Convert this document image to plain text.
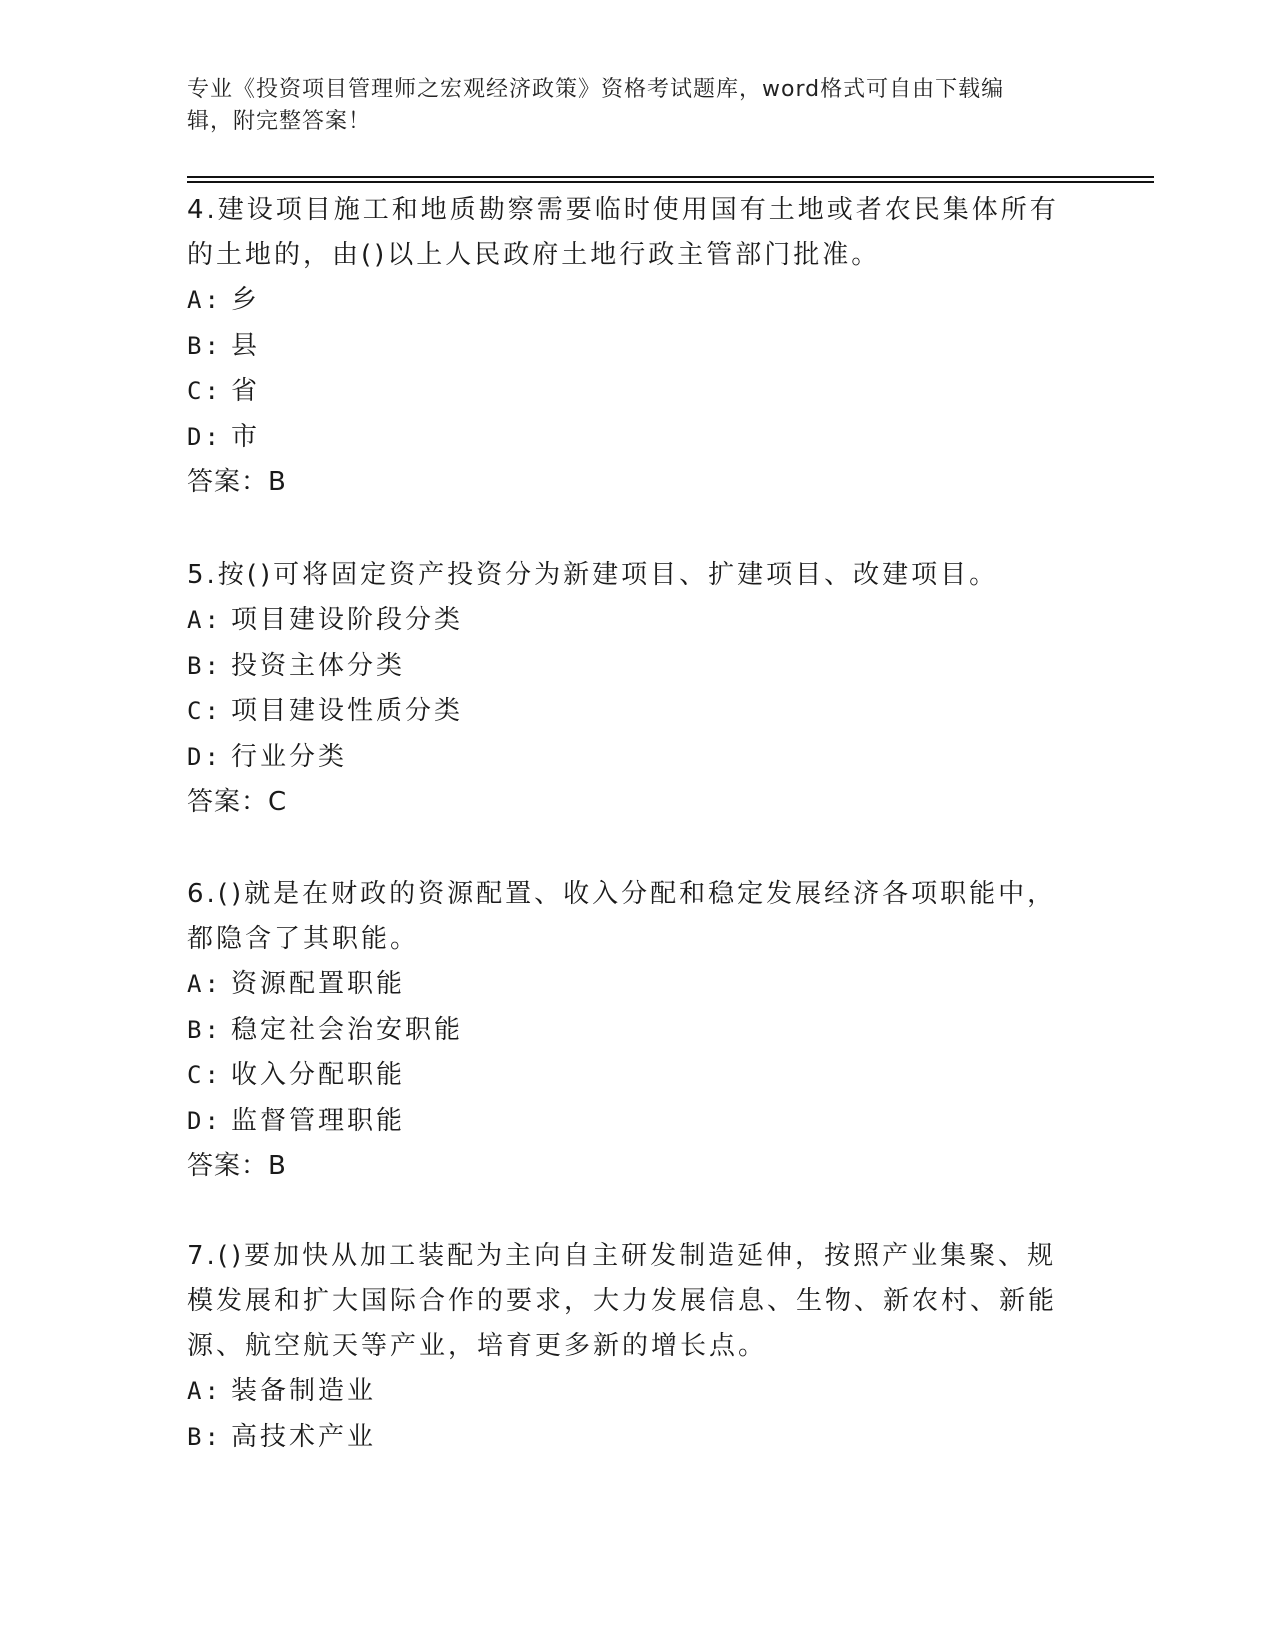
专业《投资项目管理师之宏观经济政策》资格考试题库，word格式可自由下载编
辑，附完整答案！

4.建设项目施工和地质勘察需要临时使用国有土地或者农民集体所有
的土地的，由()以上人民政府土地行政主管部门批准。

A: 乡

B: 县

C: 省

D: 市

答案：B

5.按()可将固定资产投资分为新建项目、扩建项目、改建项目。

A: 项目建设阶段分类

B: 投资主体分类

C: 项目建设性质分类

D: 行业分类

答案：C

6.()就是在财政的资源配置、收入分配和稳定发展经济各项职能中，
都隐含了其职能。

A: 资源配置职能

B: 稳定社会治安职能

C: 收入分配职能

D: 监督管理职能

答案：B

7.()要加快从加工装配为主向自主研发制造延伸，按照产业集聚、规
模发展和扩大国际合作的要求，大力发展信息、生物、新农村、新能
源、航空航天等产业，培育更多新的增长点。

A: 装备制造业

B: 高技术产业
